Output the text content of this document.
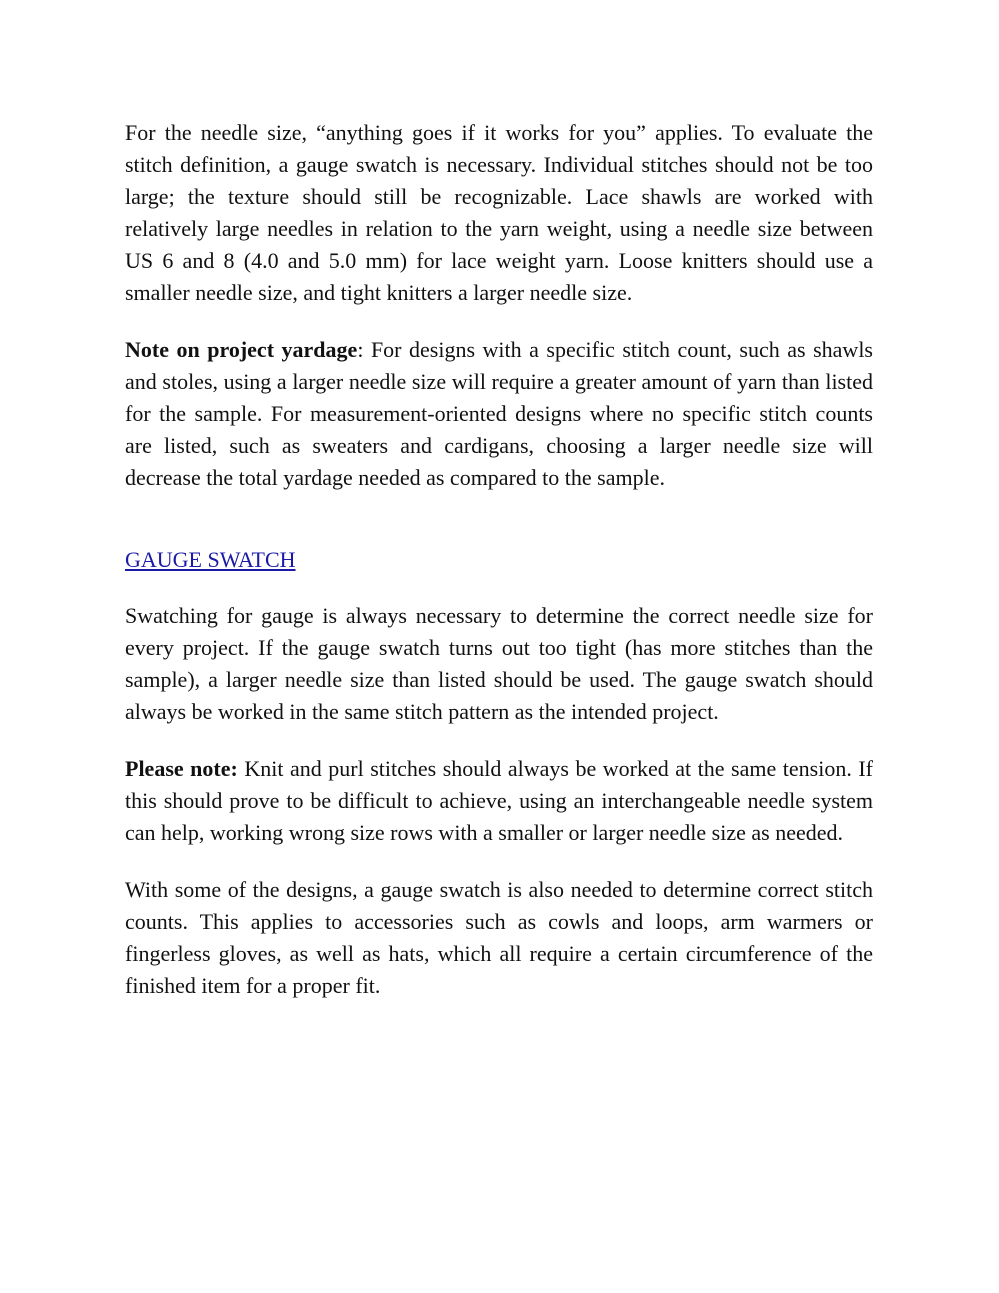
For the needle size, “anything goes if it works for you” applies. To evaluate the stitch definition, a gauge swatch is necessary. Individual stitches should not be too large; the texture should still be recognizable. Lace shawls are worked with relatively large needles in relation to the yarn weight, using a needle size between US 6 and 8 (4.0 and 5.0 mm) for lace weight yarn. Loose knitters should use a smaller needle size, and tight knitters a larger needle size.

Note on project yardage: For designs with a specific stitch count, such as shawls and stoles, using a larger needle size will require a greater amount of yarn than listed for the sample. For measurement-oriented designs where no specific stitch counts are listed, such as sweaters and cardigans, choosing a larger needle size will decrease the total yardage needed as compared to the sample.

GAUGE SWATCH

Swatching for gauge is always necessary to determine the correct needle size for every project. If the gauge swatch turns out too tight (has more stitches than the sample), a larger needle size than listed should be used. The gauge swatch should always be worked in the same stitch pattern as the intended project.

Please note: Knit and purl stitches should always be worked at the same tension. If this should prove to be difficult to achieve, using an interchangeable needle system can help, working wrong size rows with a smaller or larger needle size as needed.

With some of the designs, a gauge swatch is also needed to determine correct stitch counts. This applies to accessories such as cowls and loops, arm warmers or fingerless gloves, as well as hats, which all require a certain circumference of the finished item for a proper fit.
